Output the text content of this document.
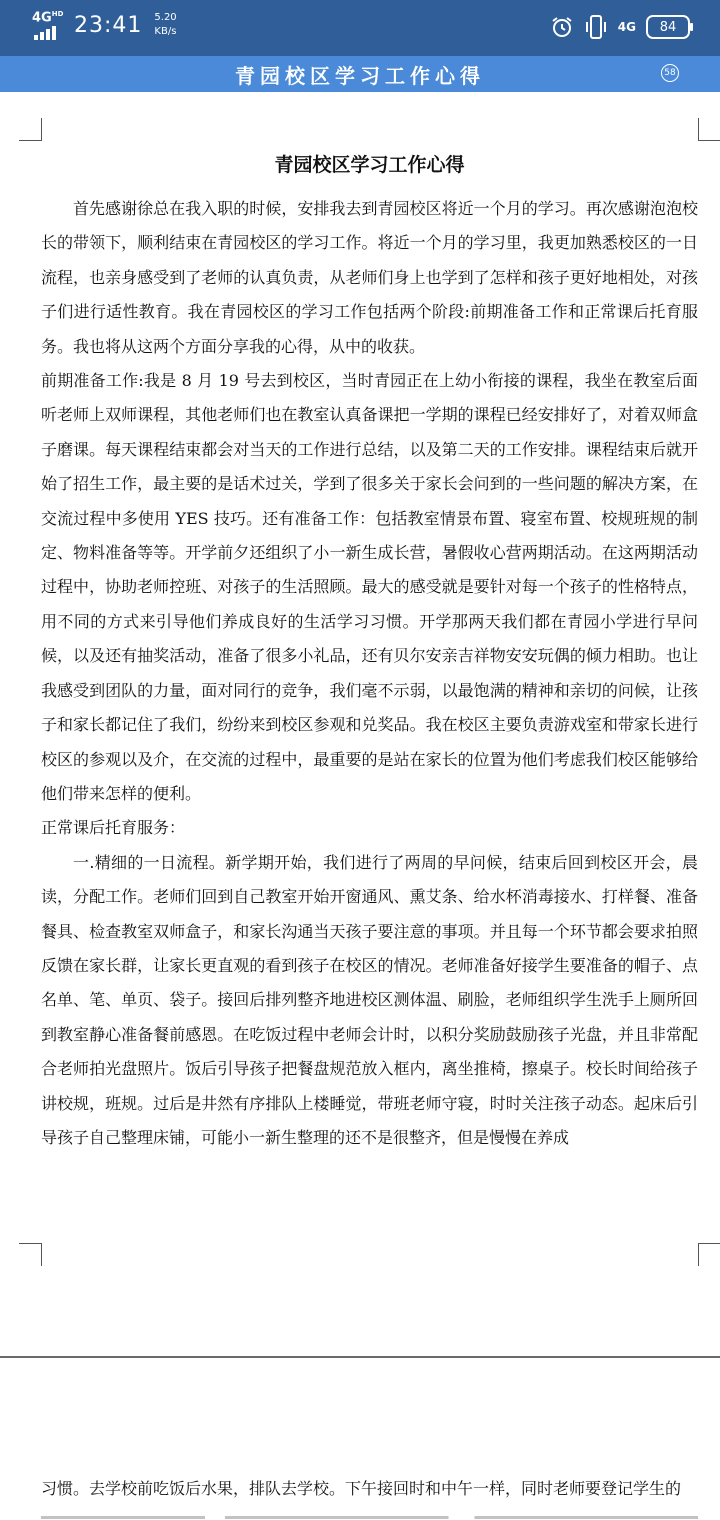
$4G^{HD}$ 23:41 5.20
KB/s	4G 84
青园校区学习工作心得	58
青园校区学习工作心得

首先感谢徐总在我入职的时候，安排我去到青园校区将近一个月的学习。再次感谢泡泡校长的带领下，顺利结束在青园校区的学习工作。将近一个月的学习里，我更加熟悉校区的一日流程，也亲身感受到了老师的认真负责，从老师们身上也学到了怎样和孩子更好地相处，对孩子们进行适性教育。我在青园校区的学习工作包括两个阶段:前期准备工作和正常课后托育服务。我也将从这两个方面分享我的心得，从中的收获。

前期准备工作:我是 8 月 19 号去到校区，当时青园正在上幼小衔接的课程，我坐在教室后面听老师上双师课程，其他老师们也在教室认真备课把一学期的课程已经安排好了，对着双师盒子磨课。每天课程结束都会对当天的工作进行总结，以及第二天的工作安排。课程结束后就开始了招生工作，最主要的是话术过关，学到了很多关于家长会问到的一些问题的解决方案，在交流过程中多使用 YES 技巧。还有准备工作：包括教室情景布置、寝室布置、校规班规的制定、物料准备等等。开学前夕还组织了小一新生成长营，暑假收心营两期活动。在这两期活动过程中，协助老师控班、对孩子的生活照顾。最大的感受就是要针对每一个孩子的性格特点，用不同的方式来引导他们养成良好的生活学习习惯。开学那两天我们都在青园小学进行早问候，以及还有抽奖活动，准备了很多小礼品，还有贝尔安亲吉祥物安安玩偶的倾力相助。也让我感受到团队的力量，面对同行的竞争，我们毫不示弱，以最饱满的精神和亲切的问候，让孩子和家长都记住了我们，纷纷来到校区参观和兑奖品。我在校区主要负责游戏室和带家长进行校区的参观以及介，在交流的过程中，最重要的是站在家长的位置为他们考虑我们校区能够给他们带来怎样的便利。

正常课后托育服务：

一.精细的一日流程。新学期开始，我们进行了两周的早问候，结束后回到校区开会，晨读，分配工作。老师们回到自己教室开始开窗通风、熏艾条、给水杯消毒接水、打样餐、准备餐具、检查教室双师盒子，和家长沟通当天孩子要注意的事项。并且每一个环节都会要求拍照反馈在家长群，让家长更直观的看到孩子在校区的情况。老师准备好接学生要准备的帽子、点名单、笔、单页、袋子。接回后排列整齐地进校区测体温、刷脸，老师组织学生洗手上厕所回到教室静心准备餐前感恩。在吃饭过程中老师会计时，以积分奖励鼓励孩子光盘，并且非常配合老师拍光盘照片。饭后引导孩子把餐盘规范放入框内，离坐推椅，擦桌子。校长时间给孩子讲校规，班规。过后是井然有序排队上楼睡觉，带班老师守寝，时时关注孩子动态。起床后引导孩子自己整理床铺，可能小一新生整理的还不是很整齐，但是慢慢在养成

习惯。去学校前吃饭后水果，排队去学校。下午接回时和中午一样，同时老师要登记学生的
